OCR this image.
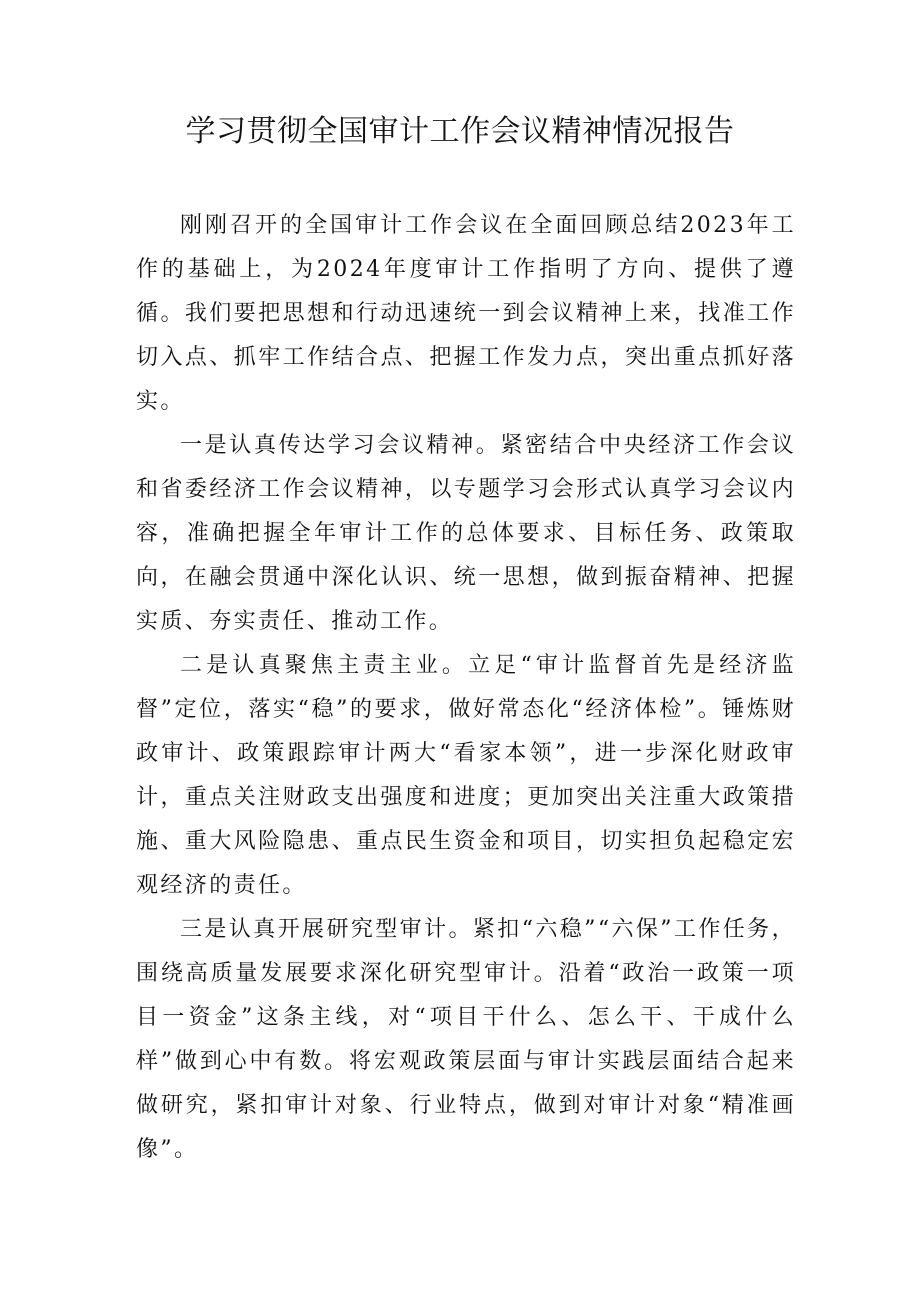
学习贯彻全国审计工作会议精神情况报告

刚刚召开的全国审计工作会议在全面回顾总结2023年工作的基础上，为2024年度审计工作指明了方向、提供了遵循。我们要把思想和行动迅速统一到会议精神上来，找准工作切入点、抓牢工作结合点、把握工作发力点，突出重点抓好落实。

一是认真传达学习会议精神。紧密结合中央经济工作会议和省委经济工作会议精神，以专题学习会形式认真学习会议内容，准确把握全年审计工作的总体要求、目标任务、政策取向，在融会贯通中深化认识、统一思想，做到振奋精神、把握实质、夯实责任、推动工作。

二是认真聚焦主责主业。立足“审计监督首先是经济监督”定位，落实“稳”的要求，做好常态化“经济体检”。锤炼财政审计、政策跟踪审计两大“看家本领”，进一步深化财政审计，重点关注财政支出强度和进度；更加突出关注重大政策措施、重大风险隐患、重点民生资金和项目，切实担负起稳定宏观经济的责任。

三是认真开展研究型审计。紧扣“六稳”“六保”工作任务，围绕高质量发展要求深化研究型审计。沿着“政治一政策一项目一资金”这条主线，对“项目干什么、怎么干、干成什么样”做到心中有数。将宏观政策层面与审计实践层面结合起来做研究，紧扣审计对象、行业特点，做到对审计对象“精准画像”。
